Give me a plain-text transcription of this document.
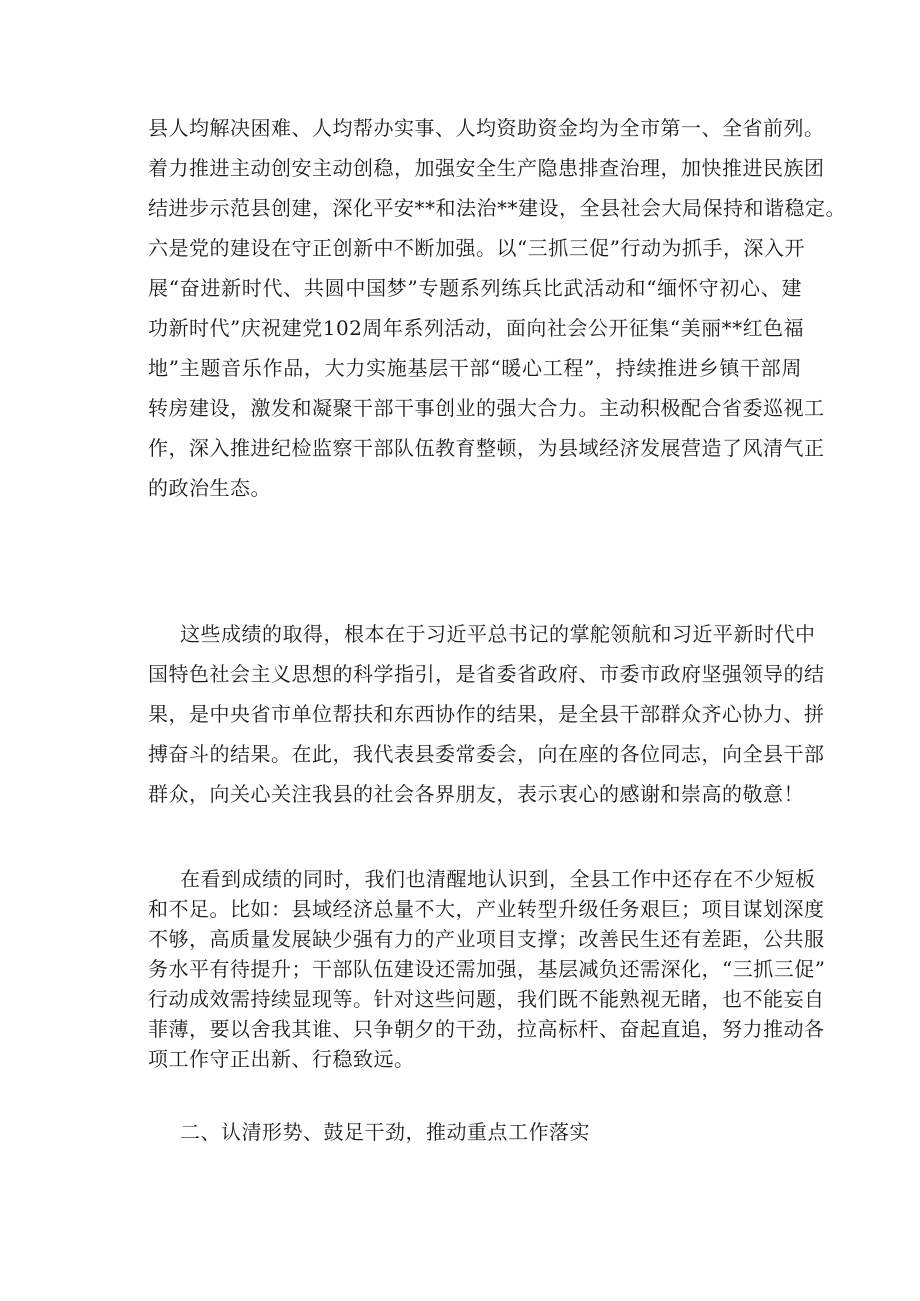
县人均解决困难、人均帮办实事、人均资助资金均为全市第一、全省前列。
着力推进主动创安主动创稳，加强安全生产隐患排查治理，加快推进民族团
结进步示范县创建，深化平安**和法治**建设，全县社会大局保持和谐稳定。
六是党的建设在守正创新中不断加强。以“三抓三促”行动为抓手，深入开
展“奋进新时代、共圆中国梦”专题系列练兵比武活动和“缅怀守初心、建
功新时代”庆祝建党102周年系列活动，面向社会公开征集“美丽**红色福
地”主题音乐作品，大力实施基层干部“暖心工程”，持续推进乡镇干部周
转房建设，激发和凝聚干部干事创业的强大合力。主动积极配合省委巡视工
作，深入推进纪检监察干部队伍教育整顿，为县域经济发展营造了风清气正
的政治生态。
这些成绩的取得，根本在于习近平总书记的掌舵领航和习近平新时代中
国特色社会主义思想的科学指引，是省委省政府、市委市政府坚强领导的结
果，是中央省市单位帮扶和东西协作的结果，是全县干部群众齐心协力、拼
搏奋斗的结果。在此，我代表县委常委会，向在座的各位同志，向全县干部
群众，向关心关注我县的社会各界朋友，表示衷心的感谢和崇高的敬意！
在看到成绩的同时，我们也清醒地认识到，全县工作中还存在不少短板
和不足。比如：县域经济总量不大，产业转型升级任务艰巨；项目谋划深度
不够，高质量发展缺少强有力的产业项目支撑；改善民生还有差距，公共服
务水平有待提升；干部队伍建设还需加强，基层减负还需深化，“三抓三促”
行动成效需持续显现等。针对这些问题，我们既不能熟视无睹，也不能妄自
菲薄，要以舍我其谁、只争朝夕的干劲，拉高标杆、奋起直追，努力推动各
项工作守正出新、行稳致远。
二、认清形势、鼓足干劲，推动重点工作落实
